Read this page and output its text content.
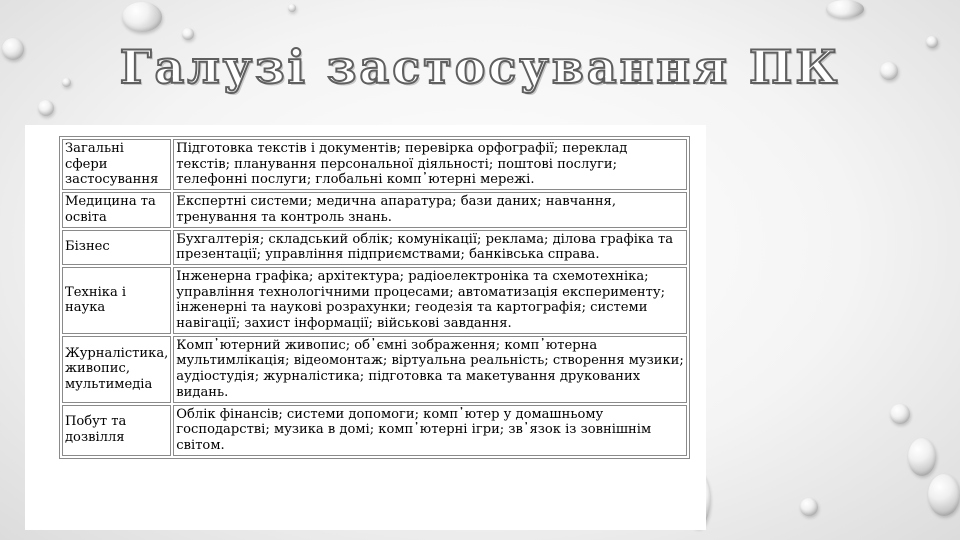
Галузі застосування ПК
Загальні сфери застосування	Підготовка текстів і документів; перевірка орфографії; переклад текстів; планування персональної діяльності; поштові послуги; телефонні послуги; глобальні комп᾽ютерні мережі.
Медицина та освіта	Експертні системи; медична апаратура; бази даних; навчання, тренування та контроль знань.
Бізнес	Бухгалтерія; складський облік; комунікації; реклама; ділова графіка та презентації; управління підприємствами; банківська справа.
Техніка і наука	Інженерна графіка; архітектура; радіоелектроніка та схемотехніка; управління технологічними процесами; автоматизація експерименту; інженерні та наукові розрахунки; геодезія та картографія; системи навігації; захист інформації; військові завдання.
Журналістика, живопис, мультимедіа	Комп᾽ютерний живопис; об᾽ємні зображення; комп᾽ютерна мультимлікація; відеомонтаж; віртуальна реальність; створення музики; аудіостудія; журналістика; підготовка та макетування друкованих видань.
Побут та дозвілля	Облік фінансів; системи допомоги; комп᾽ютер у домашньому господарстві; музика в домі; комп᾽ютерні ігри; зв᾽язок із зовнішнім світом.
